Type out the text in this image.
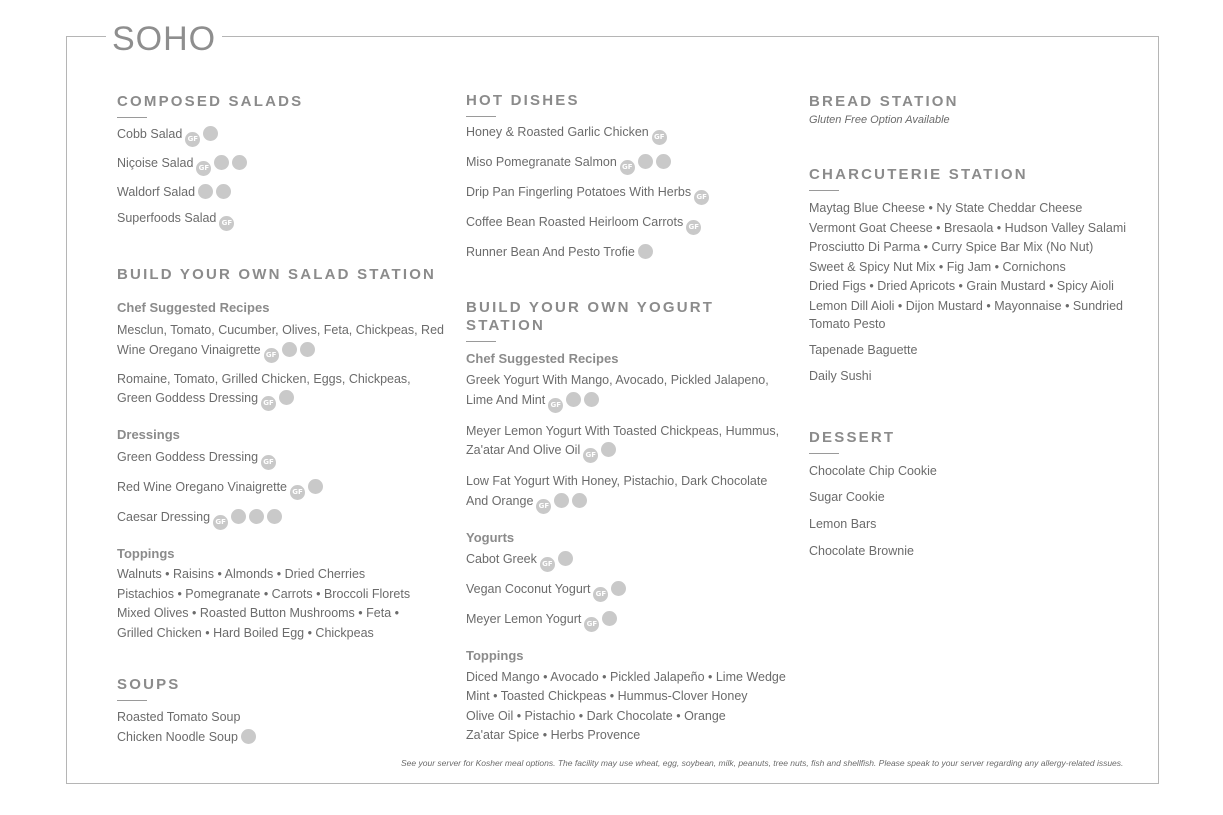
SOHO
COMPOSED SALADS
Cobb Salad GF
Niçoise Salad GF
Waldorf Salad
Superfoods Salad GF
BUILD YOUR OWN SALAD STATION
Chef Suggested Recipes
Mesclun, Tomato, Cucumber, Olives, Feta, Chickpeas, Red
Wine Oregano Vinaigrette GF
Romaine, Tomato, Grilled Chicken, Eggs, Chickpeas,
Green Goddess Dressing GF
Dressings
Green Goddess Dressing GF
Red Wine Oregano Vinaigrette GF
Caesar Dressing GF
Toppings
Walnuts • Raisins • Almonds • Dried Cherries
Pistachios • Pomegranate • Carrots • Broccoli Florets
Mixed Olives • Roasted Button Mushrooms • Feta •
Grilled Chicken • Hard Boiled Egg • Chickpeas
SOUPS
Roasted Tomato Soup
Chicken Noodle Soup
HOT DISHES
Honey & Roasted Garlic Chicken GF
Miso Pomegranate Salmon GF
Drip Pan Fingerling Potatoes With Herbs GF
Coffee Bean Roasted Heirloom Carrots GF
Runner Bean And Pesto Trofie
BUILD YOUR OWN YOGURT STATION
Chef Suggested Recipes
Greek Yogurt With Mango, Avocado, Pickled Jalapeno,
Lime And Mint GF
Meyer Lemon Yogurt With Toasted Chickpeas, Hummus,
Za'atar And Olive Oil GF
Low Fat Yogurt With Honey, Pistachio, Dark Chocolate
And Orange GF
Yogurts
Cabot Greek GF
Vegan Coconut Yogurt GF
Meyer Lemon Yogurt GF
Toppings
Diced Mango • Avocado • Pickled Jalapeño • Lime Wedge
Mint • Toasted Chickpeas • Hummus-Clover Honey
Olive Oil • Pistachio • Dark Chocolate • Orange
Za'atar Spice • Herbs Provence
BREAD STATION
Gluten Free Option Available
CHARCUTERIE STATION
Maytag Blue Cheese • Ny State Cheddar Cheese
Vermont Goat Cheese • Bresaola • Hudson Valley Salami
Prosciutto Di Parma • Curry Spice Bar Mix (No Nut)
Sweet & Spicy Nut Mix • Fig Jam • Cornichons
Dried Figs • Dried Apricots • Grain Mustard • Spicy Aioli
Lemon Dill Aioli • Dijon Mustard • Mayonnaise • Sundried
Tomato Pesto
Tapenade Baguette
Daily Sushi
DESSERT
Chocolate Chip Cookie
Sugar Cookie
Lemon Bars
Chocolate Brownie
See your server for Kosher meal options. The facility may use wheat, egg, soybean, milk, peanuts, tree nuts, fish and shellfish. Please speak to your server regarding any allergy-related issues.
